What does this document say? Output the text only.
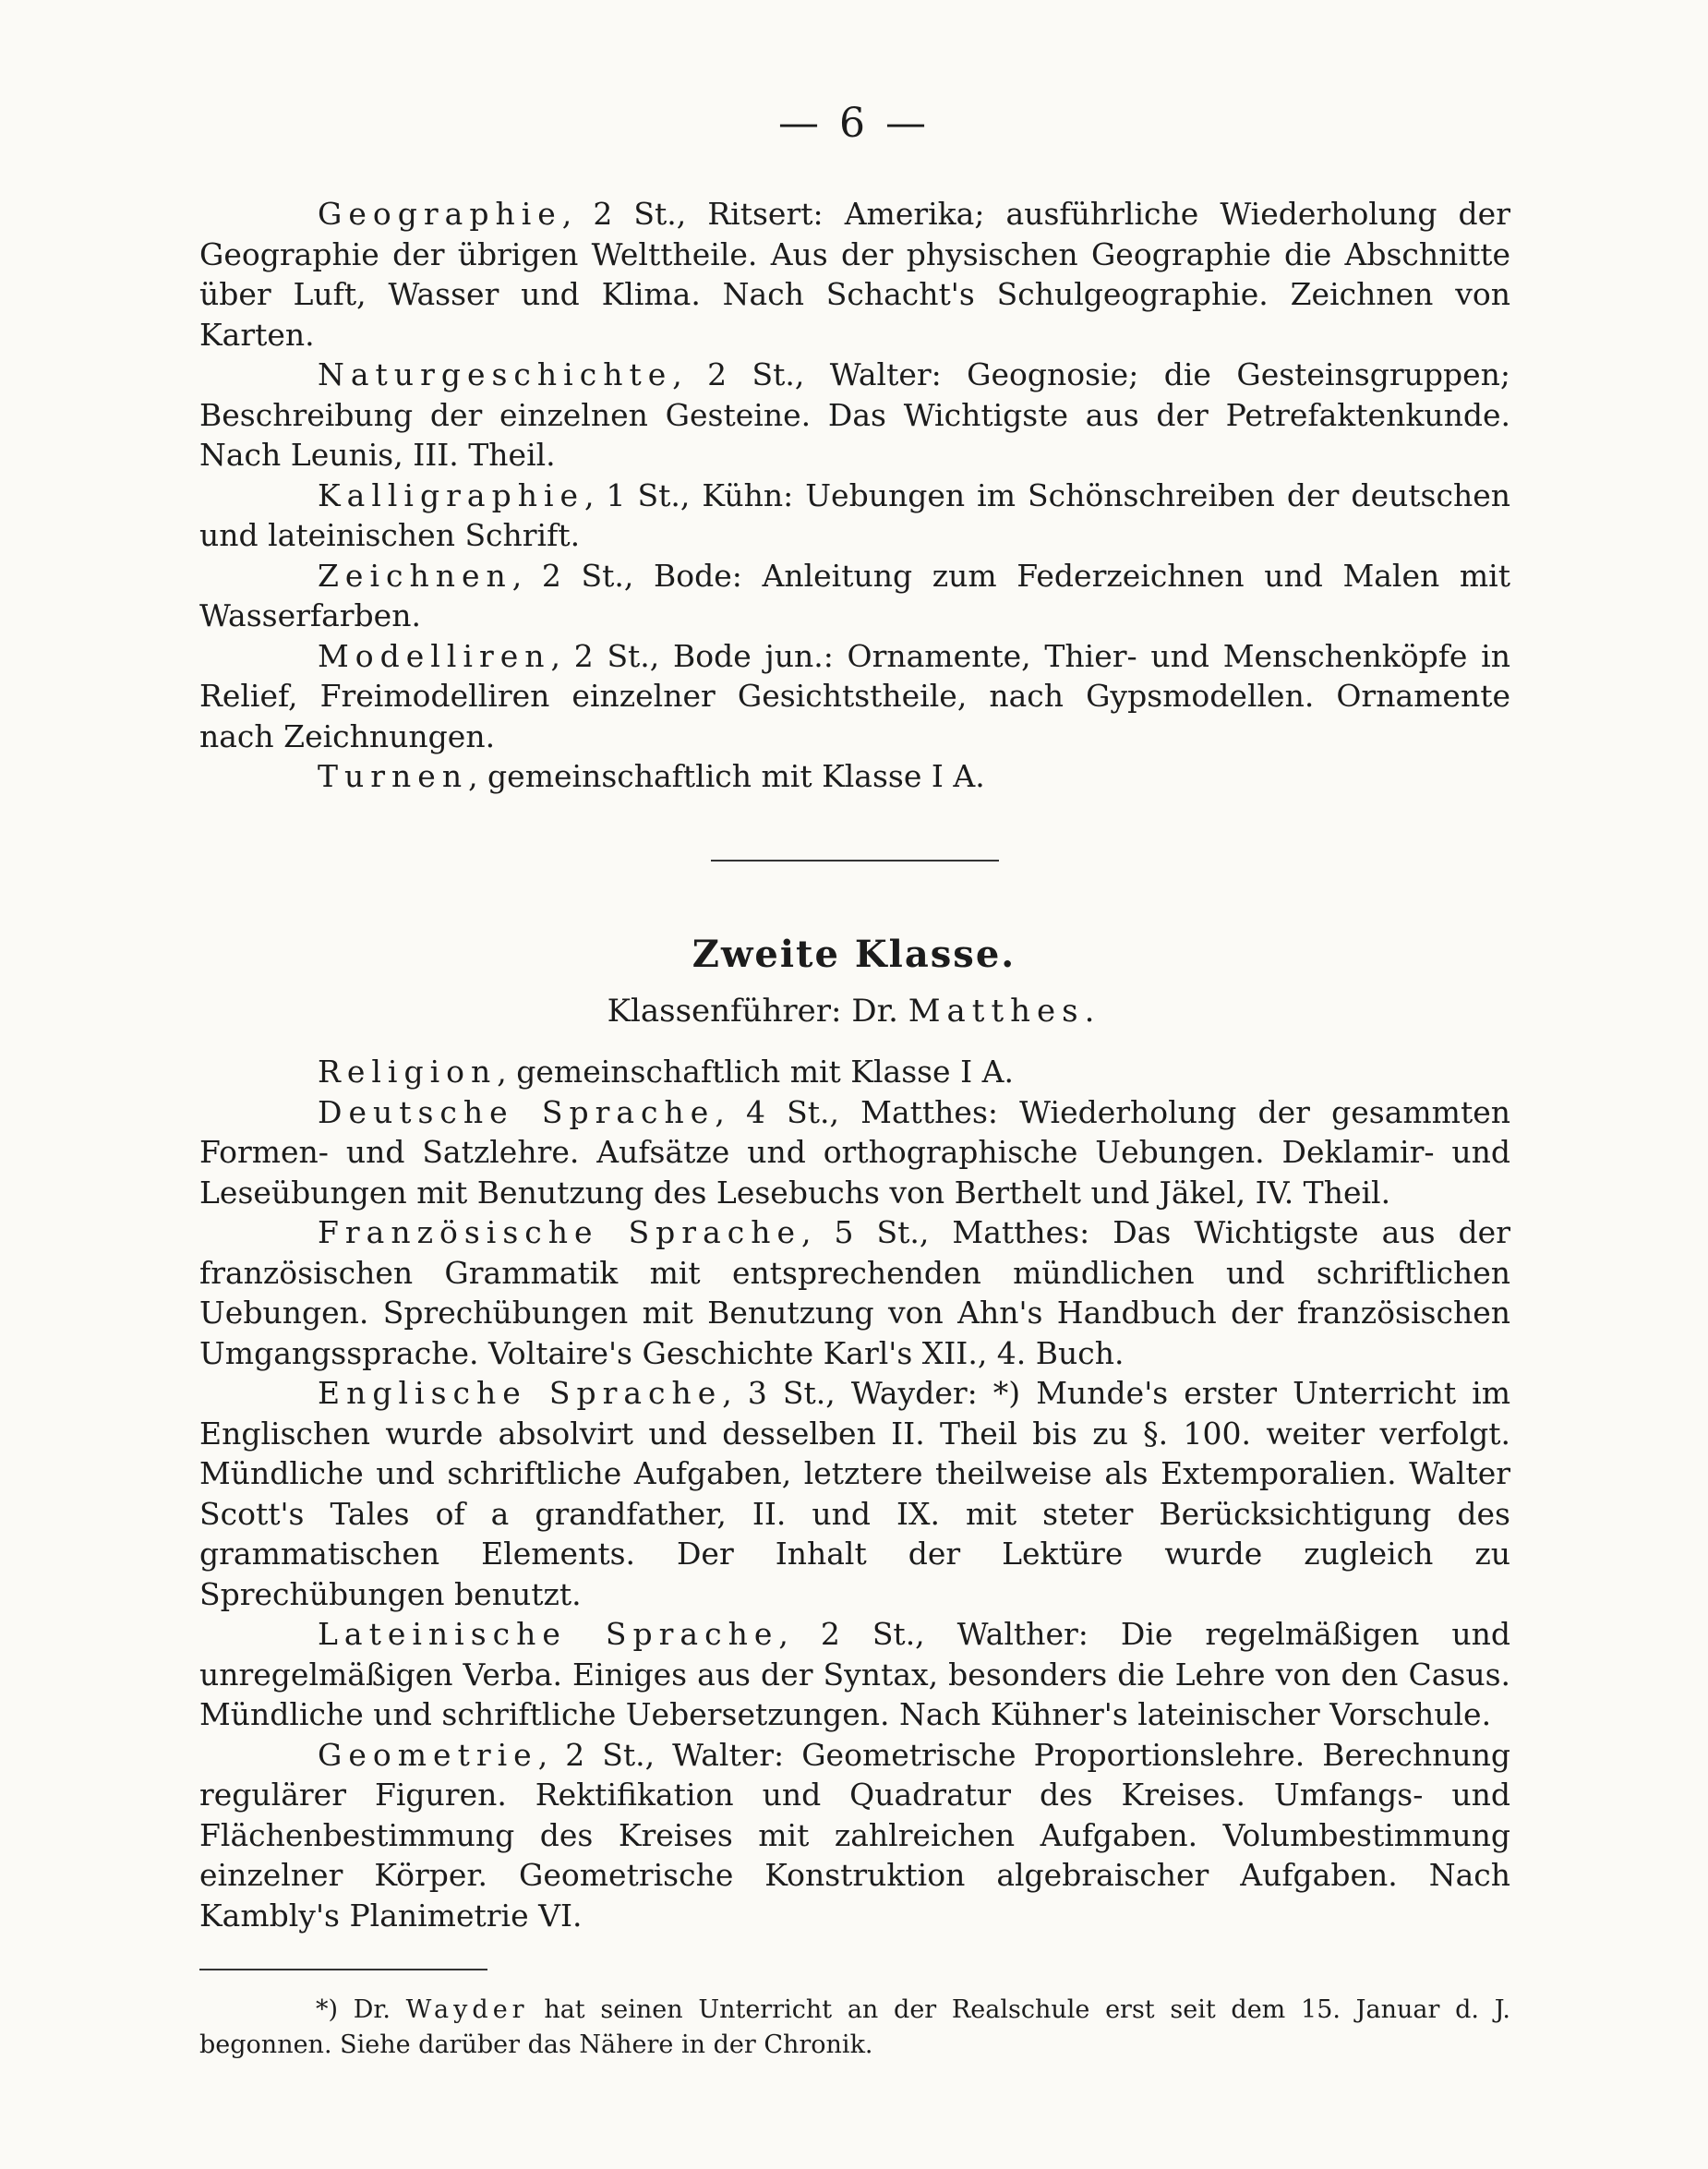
— 6 —

Geographie, 2 St., Ritsert: Amerika; ausführliche Wiederholung der Geographie der übrigen Welttheile. Aus der physischen Geographie die Abschnitte über Luft, Wasser und Klima. Nach Schacht's Schulgeographie. Zeichnen von Karten.

Naturgeschichte, 2 St., Walter: Geognosie; die Gesteinsgruppen; Beschreibung der einzelnen Gesteine. Das Wichtigste aus der Petrefaktenkunde. Nach Leunis, III. Theil.

Kalligraphie, 1 St., Kühn: Uebungen im Schönschreiben der deutschen und lateinischen Schrift.

Zeichnen, 2 St., Bode: Anleitung zum Federzeichnen und Malen mit Wasserfarben.

Modelliren, 2 St., Bode jun.: Ornamente, Thier- und Menschenköpfe in Relief, Freimodelliren einzelner Gesichtstheile, nach Gypsmodellen. Ornamente nach Zeichnungen.

Turnen, gemeinschaftlich mit Klasse I A.

Zweite Klasse.
Klassenführer: Dr. Matthes.

Religion, gemeinschaftlich mit Klasse I A.

Deutsche Sprache, 4 St., Matthes: Wiederholung der gesammten Formen- und Satzlehre. Aufsätze und orthographische Uebungen. Deklamir- und Leseübungen mit Benutzung des Lesebuchs von Berthelt und Jäkel, IV. Theil.

Französische Sprache, 5 St., Matthes: Das Wichtigste aus der französischen Grammatik mit entsprechenden mündlichen und schriftlichen Uebungen. Sprechübungen mit Benutzung von Ahn's Handbuch der französischen Umgangssprache. Voltaire's Geschichte Karl's XII., 4. Buch.

Englische Sprache, 3 St., Wayder: *) Munde's erster Unterricht im Englischen wurde absolvirt und desselben II. Theil bis zu §. 100. weiter verfolgt. Mündliche und schriftliche Aufgaben, letztere theilweise als Extemporalien. Walter Scott's Tales of a grandfather, II. und IX. mit steter Berücksichtigung des grammatischen Elements. Der Inhalt der Lektüre wurde zugleich zu Sprechübungen benutzt.

Lateinische Sprache, 2 St., Walther: Die regelmäßigen und unregelmäßigen Verba. Einiges aus der Syntax, besonders die Lehre von den Casus. Mündliche und schriftliche Uebersetzungen. Nach Kühner's lateinischer Vorschule.

Geometrie, 2 St., Walter: Geometrische Proportionslehre. Berechnung regulärer Figuren. Rektifikation und Quadratur des Kreises. Umfangs- und Flächenbestimmung des Kreises mit zahlreichen Aufgaben. Volumbestimmung einzelner Körper. Geometrische Konstruktion algebraischer Aufgaben. Nach Kambly's Planimetrie VI.

*) Dr. Wayder hat seinen Unterricht an der Realschule erst seit dem 15. Januar d. J. begonnen. Siehe darüber das Nähere in der Chronik.
